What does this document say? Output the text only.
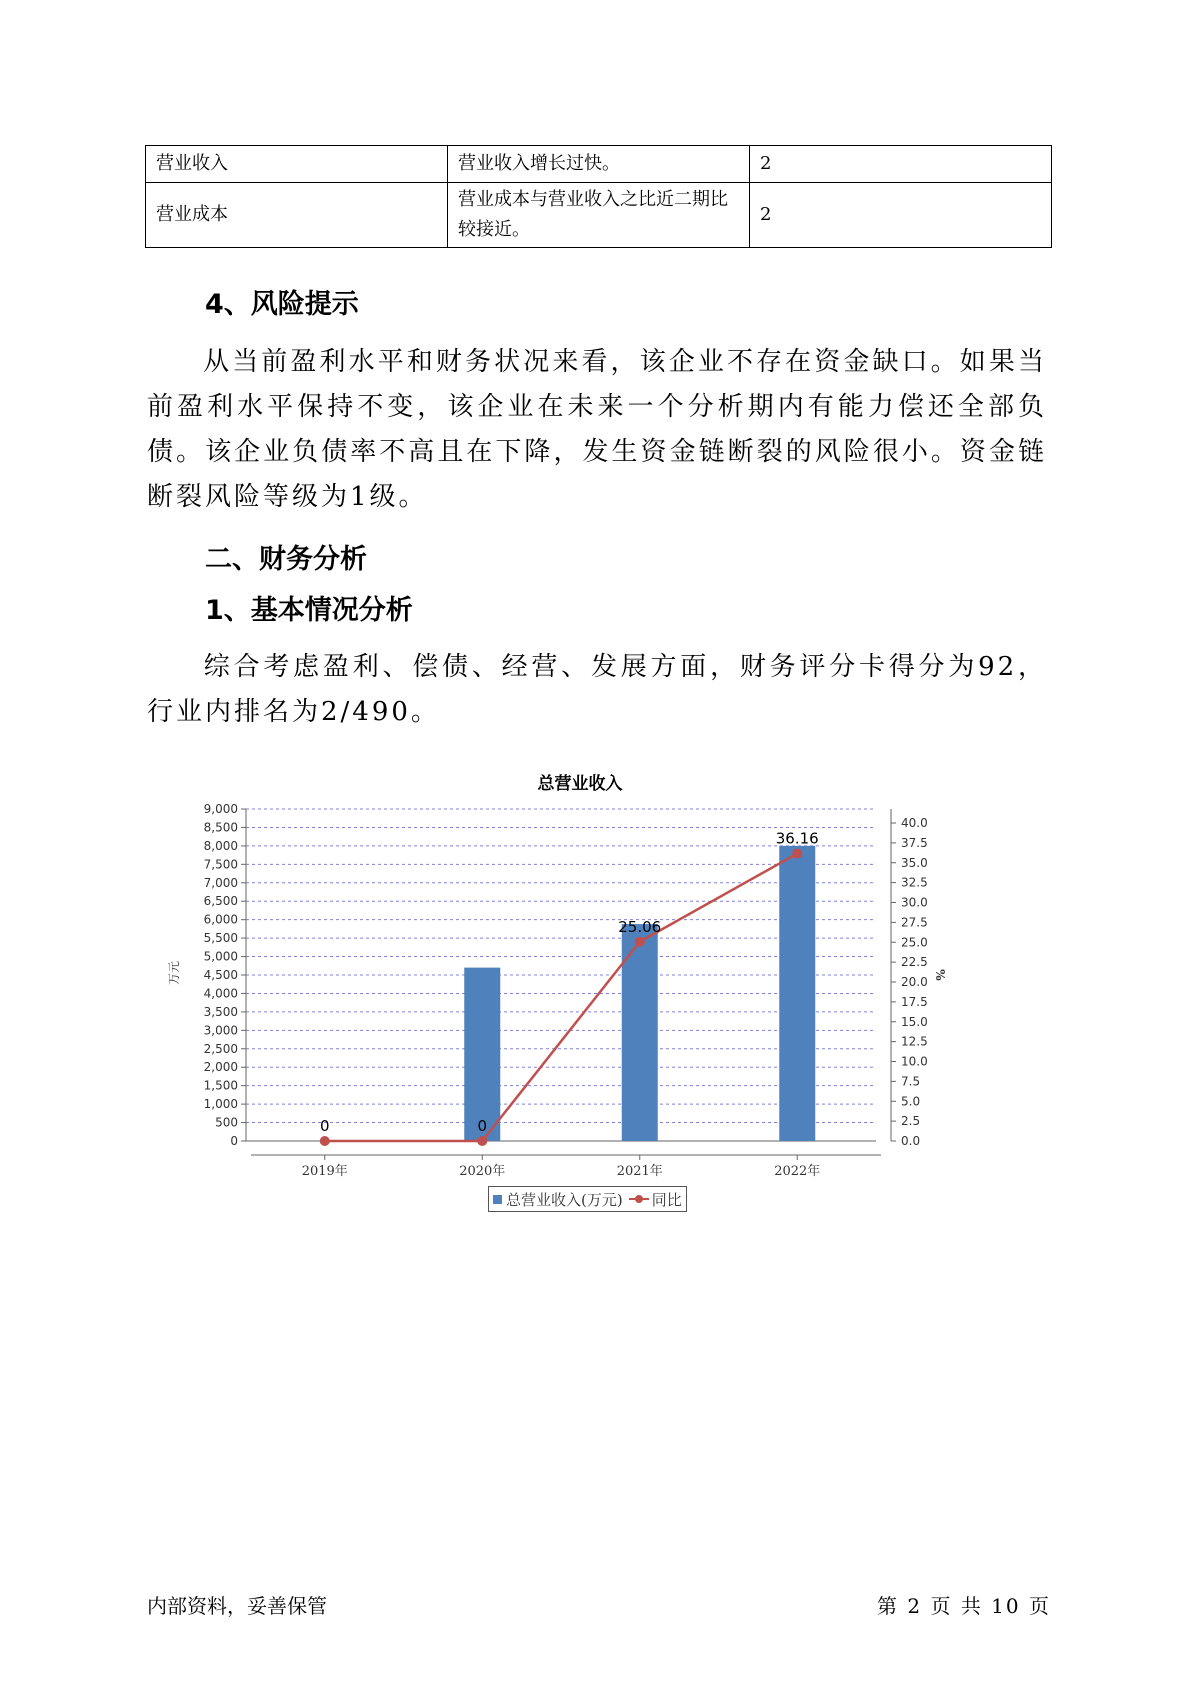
营业收入	营业收入增长过快。	2
营业成本	营业成本与营业收入之比近二期比较接近。	2
4、风险提示
从当前盈利水平和财务状况来看，该企业不存在资金缺口。如果当前盈利水平保持不变，该企业在未来一个分析期内有能力偿还全部负债。该企业负债率不高且在下降，发生资金链断裂的风险很小。资金链断裂风险等级为1级。
二、财务分析
1、基本情况分析
综合考虑盈利、偿债、经营、发展方面，财务评分卡得分为92，行业内排名为2/490。
总营业收入
0
500
1,000
1,500
2,000
2,500
3,000
3,500
4,000
4,500
5,000
5,500
6,000
6,500
7,000
7,500
8,000
8,500
9,000
0.0
2.5
5.0
7.5
10.0
12.5
15.0
17.5
20.0
22.5
25.0
27.5
30.0
32.5
35.0
37.5
40.0
万元	%
2019年	2020年	2021年	2022年
0	0
25.06
36.16
总营业收入(万元) 同比
内部资料，妥善保管	第 2 页 共 10 页
